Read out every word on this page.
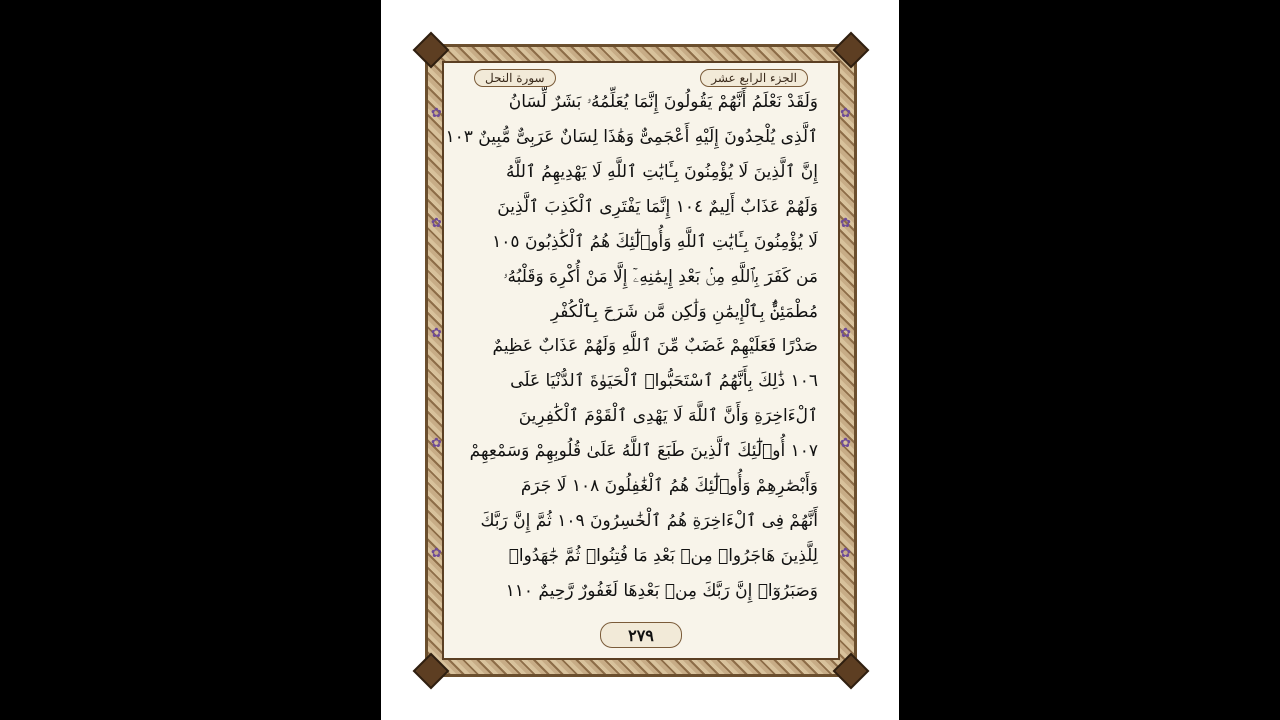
✿
✿
✿
✿
✿
✿
✿
✿
✿
✿
الجزء الرابع عشر
سورة النحل
وَلَقَدْ نَعْلَمُ أَنَّهُمْ يَقُولُونَ إِنَّمَا يُعَلِّمُهُۥ بَشَرٌ لِّسَانُ
ٱلَّذِى يُلْحِدُونَ إِلَيْهِ أَعْجَمِىٌّ وَهَٰذَا لِسَانٌ عَرَبِىٌّ مُّبِينٌ ١٠٣
إِنَّ ٱلَّذِينَ لَا يُؤْمِنُونَ بِـَٔايَٰتِ ٱللَّهِ لَا يَهْدِيهِمُ ٱللَّهُ
وَلَهُمْ عَذَابٌ أَلِيمٌ ١٠٤ إِنَّمَا يَفْتَرِى ٱلْكَذِبَ ٱلَّذِينَ
لَا يُؤْمِنُونَ بِـَٔايَٰتِ ٱللَّهِ وَأُو۟لَٰٓئِكَ هُمُ ٱلْكَٰذِبُونَ ١٠٥
مَن كَفَرَ بِٱللَّهِ مِنۢ بَعْدِ إِيمَٰنِهِۦٓ إِلَّا مَنْ أُكْرِهَ وَقَلْبُهُۥ
مُطْمَئِنٌّۢ بِٱلْإِيمَٰنِ وَلَٰكِن مَّن شَرَحَ بِٱلْكُفْرِ
صَدْرًا فَعَلَيْهِمْ غَضَبٌ مِّنَ ٱللَّهِ وَلَهُمْ عَذَابٌ عَظِيمٌ
١٠٦ ذَٰلِكَ بِأَنَّهُمُ ٱسْتَحَبُّوا۟ ٱلْحَيَوٰةَ ٱلدُّنْيَا عَلَى
ٱلْءَاخِرَةِ وَأَنَّ ٱللَّهَ لَا يَهْدِى ٱلْقَوْمَ ٱلْكَٰفِرِينَ
١٠٧ أُو۟لَٰٓئِكَ ٱلَّذِينَ طَبَعَ ٱللَّهُ عَلَىٰ قُلُوبِهِمْ وَسَمْعِهِمْ
وَأَبْصَٰرِهِمْ وَأُو۟لَٰٓئِكَ هُمُ ٱلْغَٰفِلُونَ ١٠٨ لَا جَرَمَ
أَنَّهُمْ فِى ٱلْءَاخِرَةِ هُمُ ٱلْخَٰسِرُونَ ١٠٩ ثُمَّ إِنَّ رَبَّكَ
لِلَّذِينَ هَاجَرُوا۟ مِنۢ بَعْدِ مَا فُتِنُوا۟ ثُمَّ جَٰهَدُوا۟
وَصَبَرُوٓا۟ إِنَّ رَبَّكَ مِنۢ بَعْدِهَا لَغَفُورٌ رَّحِيمٌ ١١٠
٢٧٩
